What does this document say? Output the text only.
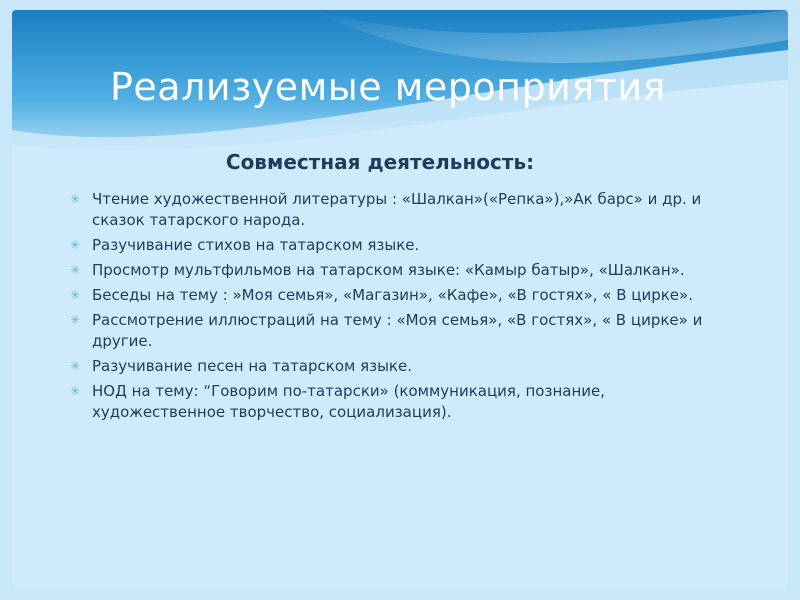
Реализуемые мероприятия
Совместная деятельность:
✳ Чтение художественной литературы : «Шалкан»(«Репка»),»Ак барс» и др. и сказок татарского народа.
✳ Разучивание стихов на татарском языке.
✳ Просмотр мультфильмов на татарском языке: «Камыр батыр», «Шалкан».
✳ Беседы на тему : »Моя семья», «Магазин», «Кафе», «В гостях», « В цирке».
✳ Рассмотрение иллюстраций на тему : «Моя семья», «В гостях», « В цирке» и другие.
✳ Разучивание песен на татарском языке.
✳ НОД на тему: “Говорим по-татарски» (коммуникация, познание, художественное творчество, социализация).
